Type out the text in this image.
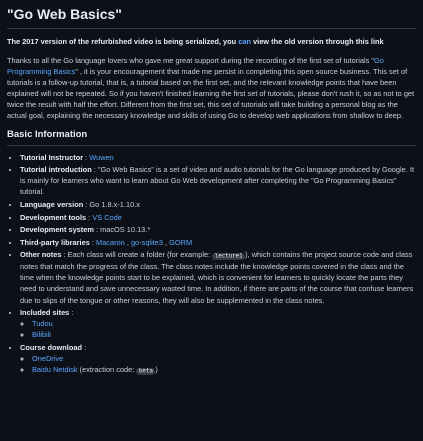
"Go Web Basics"
The 2017 version of the refurbished video is being serialized, you can view the old version through this link

Thanks to all the Go language lovers who gave me great support during the recording of the first set of tutorials "Go Programming Basics" , it is your encouragement that made me persist in completing this open source business. This set of tutorials is a follow-up tutorial, that is, a tutorial based on the first set, and the relevant knowledge points that have been explained will not be repeated. So if you haven't finished learning the first set of tutorials, please don't rush it, so as not to get twice the result with half the effort. Different from the first set, this set of tutorials will take building a personal blog as the actual goal, explaining the necessary knowledge and skills of using Go to develop web applications from shallow to deep.

Basic Information
• Tutorial Instructor : Wuwen
• Tutorial introduction : "Go Web Basics" is a set of video and audio tutorials for the Go language produced by Google. It is mainly for learners who want to learn about Go Web development after completing the "Go Programming Basics" tutorial.
• Language version : Go 1.8.x-1.10.x
• Development tools : VS Code
• Development system : macOS 10.13.*
• Third-party libraries : Macaron , go-sqlite3 , GORM
• Other notes : Each class will create a folder (for example: lecture1 ), which contains the project source code and class notes that match the progress of the class. The class notes include the knowledge points covered in the class and the time when the knowledge points start to be explained, which is convenient for learners to quickly locate the parts they need to understand and save unnecessary wasted time. In addition, if there are parts of the course that confuse learners due to slips of the tongue or other reasons, they will also be supplemented in the class notes.
• Included sites :
◦ Tudou
◦ Bilibili
• Course download :
◦ OneDrive
◦ Baidu Netdisk (extraction code: beta )
